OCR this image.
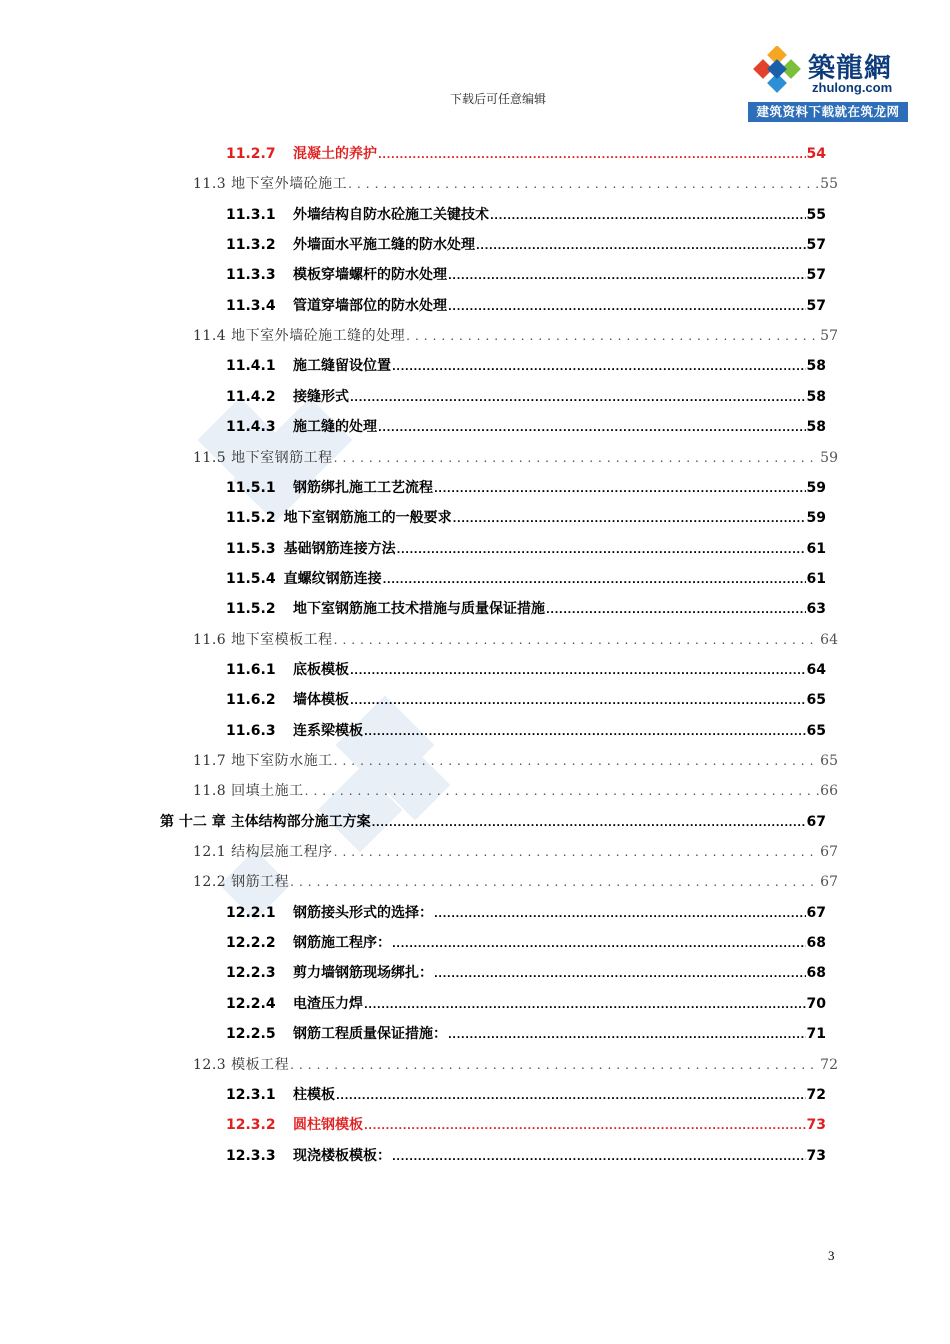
築龍網
zhulong.com
建筑资料下载就在筑龙网
下载后可任意编辑
11.2.7	混凝土的养护 .....	54
11.3 地下室外墙砼施工 .....	55
11.3.1	外墙结构自防水砼施工关键技术 .....	55
11.3.2	外墙面水平施工缝的防水处理 .....	57
11.3.3	模板穿墙螺杆的防水处理 .....	57
11.3.4	管道穿墙部位的防水处理 .....	57
11.4 地下室外墙砼施工缝的处理 .....	57
11.4.1	施工缝留设位置 .....	58
11.4.2	接缝形式 .....	58
11.4.3	施工缝的处理 .....	58
11.5 地下室钢筋工程 .....	59
11.5.1	钢筋绑扎施工工艺流程 .....	59
11.5.2 地下室钢筋施工的一般要求 .....	59
11.5.3 基础钢筋连接方法 .....	61
11.5.4 直螺纹钢筋连接 .....	61
11.5.2	地下室钢筋施工技术措施与质量保证措施 .....	63
11.6 地下室模板工程 .....	64
11.6.1	底板模板 .....	64
11.6.2	墙体模板 .....	65
11.6.3	连系梁模板 .....	65
11.7 地下室防水施工 .....	65
11.8 回填土施工 .....	66
第 十二 章 主体结构部分施工方案 .....	67
12.1 结构层施工程序 .....	67
12.2 钢筋工程 .....	67
12.2.1	钢筋接头形式的选择： .....	67
12.2.2	钢筋施工程序： .....	68
12.2.3	剪力墙钢筋现场绑扎： .....	68
12.2.4	电渣压力焊 .....	70
12.2.5	钢筋工程质量保证措施： .....	71
12.3 模板工程 .....	72
12.3.1	柱模板 .....	72
12.3.2	圆柱钢模板 .....	73
12.3.3	现浇楼板模板： .....	73
3
